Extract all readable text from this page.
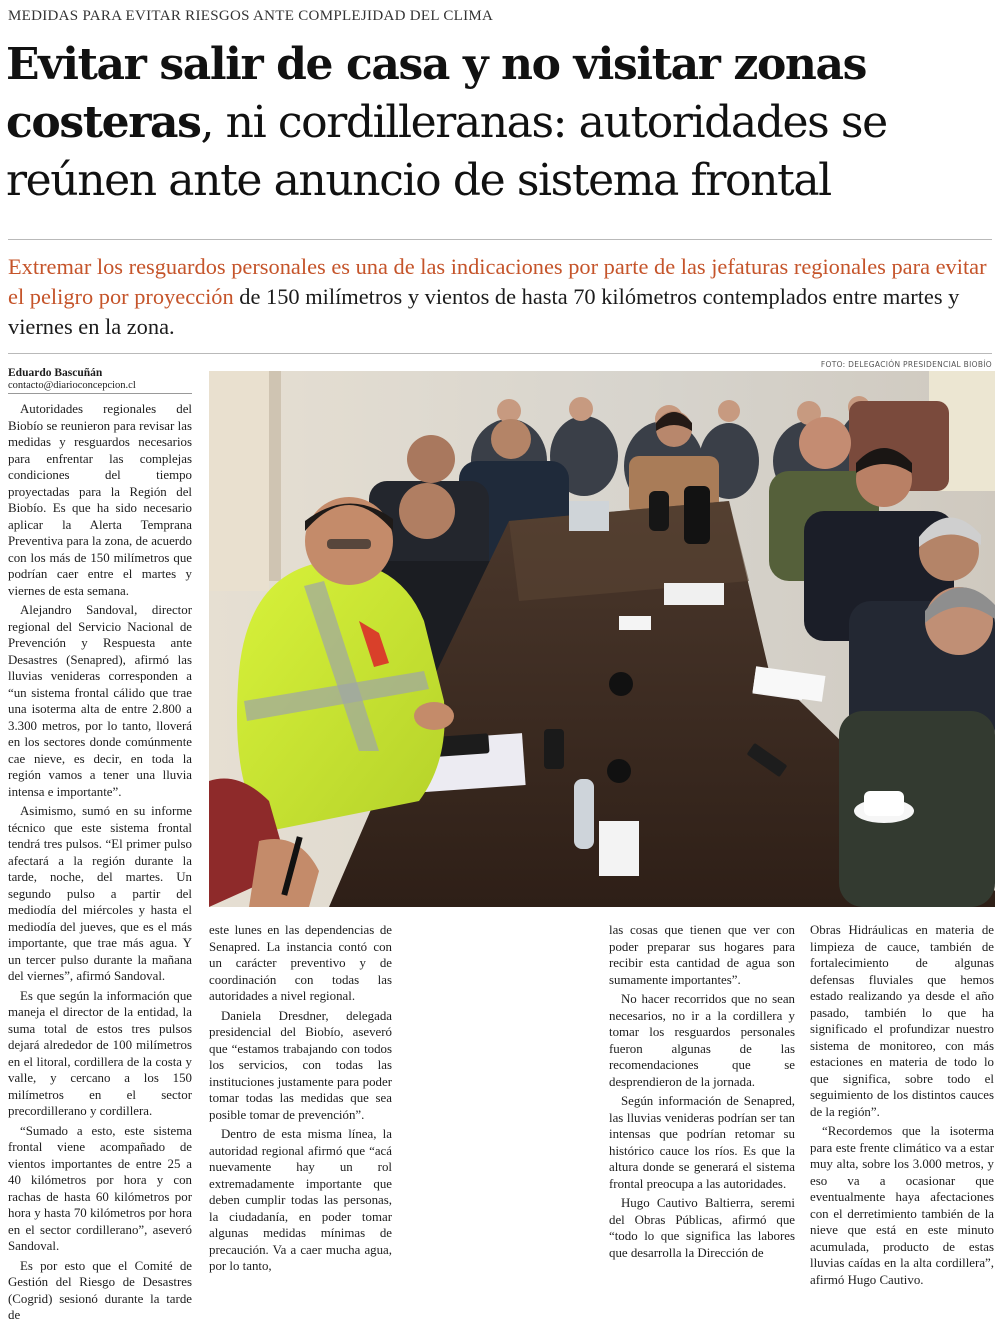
MEDIDAS PARA EVITAR RIESGOS ANTE COMPLEJIDAD DEL CLIMA
Evitar salir de casa y no visitar zonas costeras, ni cordilleranas: autoridades se reúnen ante anuncio de sistema frontal

Extremar los resguardos personales es una de las indicaciones por parte de las jefaturas regionales para evitar el peligro por proyección de 150 milímetros y vientos de hasta 70 kilómetros contemplados entre martes y viernes en la zona.

Eduardo Bascuñán
contacto@diarioconcepcion.cl
FOTO: DELEGACIÓN PRESIDENCIAL BIOBÍO

Autoridades regionales del Biobío se reunieron para revisar las medidas y resguardos necesarios para enfrentar las complejas condiciones del tiempo proyectadas para la Región del Biobío. Es que ha sido necesario aplicar la Alerta Temprana Preventiva para la zona, de acuerdo con los más de 150 milímetros que podrían caer entre el martes y viernes de esta semana.

Alejandro Sandoval, director regional del Servicio Nacional de Prevención y Respuesta ante Desastres (Senapred), afirmó las lluvias venideras corresponden a “un sistema frontal cálido que trae una isoterma alta de entre 2.800 a 3.300 metros, por lo tanto, lloverá en los sectores donde comúnmente cae nieve, es decir, en toda la región vamos a tener una lluvia intensa e importante”.

Asimismo, sumó en su informe técnico que este sistema frontal tendrá tres pulsos. “El primer pulso afectará a la región durante la tarde, noche, del martes. Un segundo pulso a partir del mediodía del miércoles y hasta el mediodía del jueves, que es el más importante, que trae más agua. Y un tercer pulso durante la mañana del viernes”, afirmó Sandoval.

Es que según la información que maneja el director de la entidad, la suma total de estos tres pulsos dejará alrededor de 100 milímetros en el litoral, cordillera de la costa y valle, y cercano a los 150 milímetros en el sector precordillerano y cordillera.

“Sumado a esto, este sistema frontal viene acompañado de vientos importantes de entre 25 a 40 kilómetros por hora y con rachas de hasta 60 kilómetros por hora y hasta 70 kilómetros por hora en el sector cordillerano”, aseveró Sandoval.

Es por esto que el Comité de Gestión del Riesgo de Desastres (Cogrid) sesionó durante la tarde de

este lunes en las dependencias de Senapred. La instancia contó con un carácter preventivo y de coordinación con todas las autoridades a nivel regional.

Daniela Dresdner, delegada presidencial del Biobío, aseveró que “estamos trabajando con todos los servicios, con todas las instituciones justamente para poder tomar todas las medidas que sea posible tomar de prevención”.

Dentro de esta misma línea, la autoridad regional afirmó que “acá nuevamente hay un rol extremadamente importante que deben cumplir todas las personas, la ciudadanía, en poder tomar algunas medidas mínimas de precaución. Va a caer mucha agua, por lo tanto,

las cosas que tienen que ver con poder preparar sus hogares para recibir esta cantidad de agua son sumamente importantes”.

No hacer recorridos que no sean necesarios, no ir a la cordillera y tomar los resguardos personales fueron algunas de las recomendaciones que se desprendieron de la jornada.

Según información de Senapred, las lluvias venideras podrían ser tan intensas que podrían retomar su histórico cauce los ríos. Es que la altura donde se generará el sistema frontal preocupa a las autoridades.

Hugo Cautivo Baltierra, seremi del Obras Públicas, afirmó que “todo lo que significa las labores que desarrolla la Dirección de

Obras Hidráulicas en materia de limpieza de cauce, también de fortalecimiento de algunas defensas fluviales que hemos estado realizando ya desde el año pasado, también lo que ha significado el profundizar nuestro sistema de monitoreo, con más estaciones en materia de todo lo que significa, sobre todo el seguimiento de los distintos cauces de la región”.

“Recordemos que la isoterma para este frente climático va a estar muy alta, sobre los 3.000 metros, y eso va a ocasionar que eventualmente haya afectaciones con el derretimiento también de la nieve que está en este minuto acumulada, producto de estas lluvias caídas en la alta cordillera”, afirmó Hugo Cautivo.
